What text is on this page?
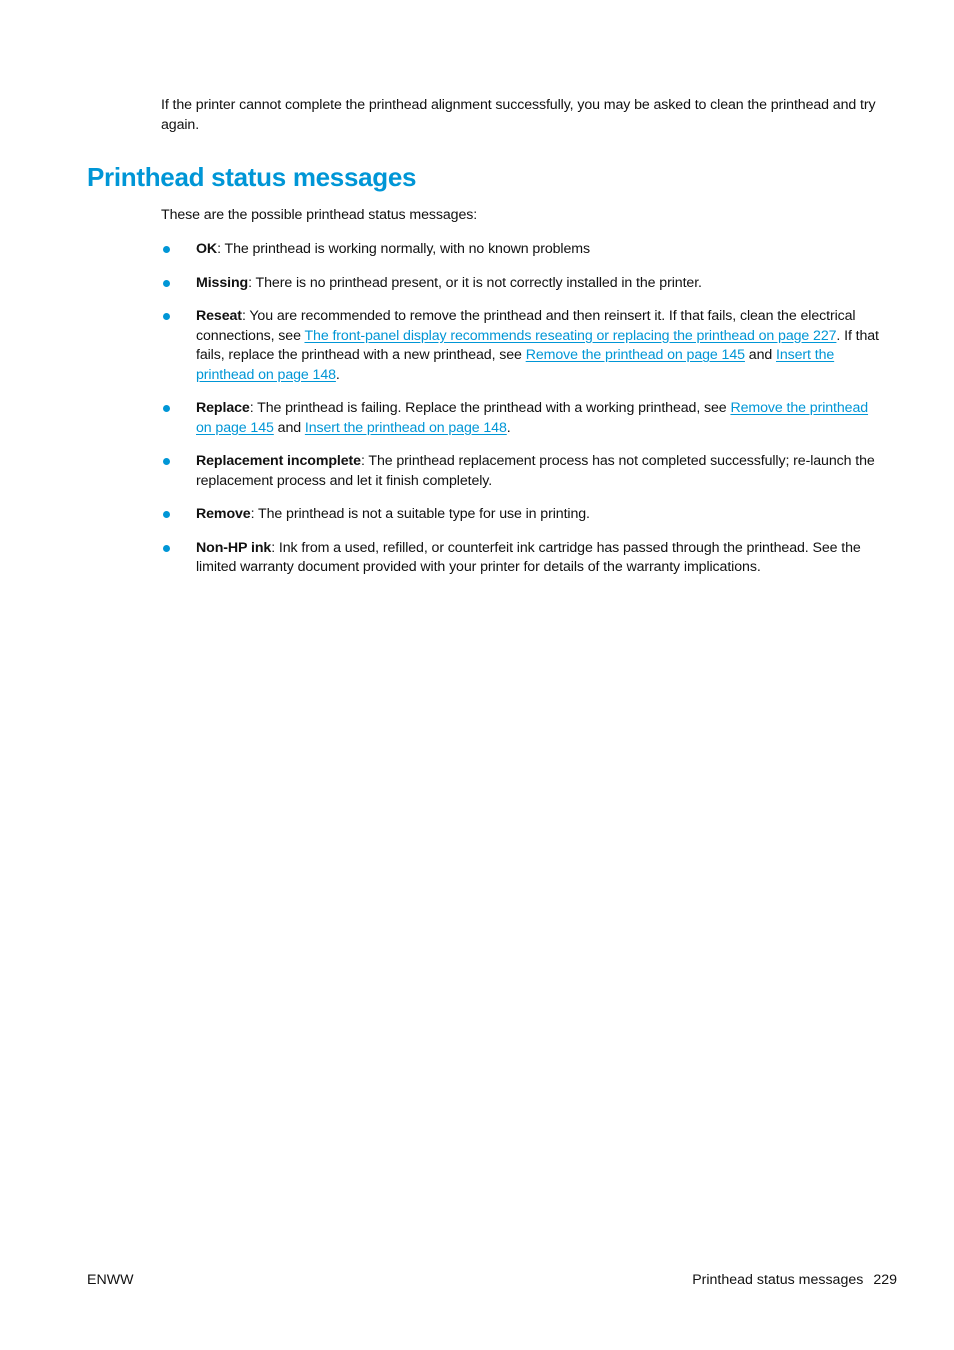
If the printer cannot complete the printhead alignment successfully, you may be asked to clean the printhead and try again.

Printhead status messages

These are the possible printhead status messages:

OK: The printhead is working normally, with no known problems
Missing: There is no printhead present, or it is not correctly installed in the printer.
Reseat: You are recommended to remove the printhead and then reinsert it. If that fails, clean the electrical connections, see The front-panel display recommends reseating or replacing the printhead on page 227. If that fails, replace the printhead with a new printhead, see Remove the printhead on page 145 and Insert the printhead on page 148.
Replace: The printhead is failing. Replace the printhead with a working printhead, see Remove the printhead on page 145 and Insert the printhead on page 148.
Replacement incomplete: The printhead replacement process has not completed successfully; re-launch the replacement process and let it finish completely.
Remove: The printhead is not a suitable type for use in printing.
Non-HP ink: Ink from a used, refilled, or counterfeit ink cartridge has passed through the printhead. See the limited warranty document provided with your printer for details of the warranty implications.

ENWW	Printhead status messages 229
